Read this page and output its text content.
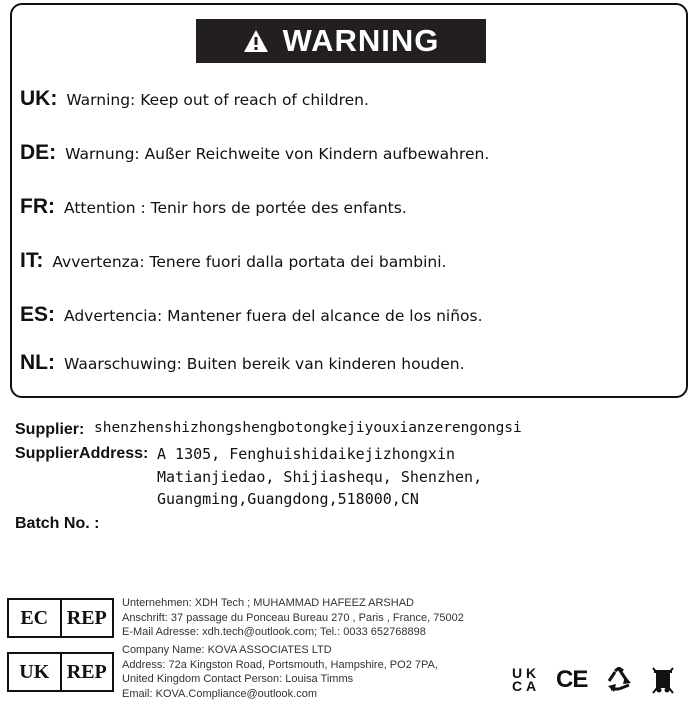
WARNING
UK: Warning: Keep out of reach of children.
DE: Warnung: Außer Reichweite von Kindern aufbewahren.
FR: Attention : Tenir hors de portée des enfants.
IT: Avvertenza: Tenere fuori dalla portata dei bambini.
ES: Advertencia: Mantener fuera del alcance de los niños.
NL: Waarschuwing: Buiten bereik van kinderen houden.
Supplier: shenzhenshizhongshengbotongkejiyouxianzerengongsi
SupplierAddress: A 1305, Fenghuishidaikejizhongxin
Matianjiedao, Shijiashequ, Shenzhen,
Guangming,Guangdong,518000,CN
Batch No. :
EC REP
Unternehmen: XDH Tech ; MUHAMMAD HAFEEZ ARSHAD
Anschrift: 37 passage du Ponceau Bureau 270 , Paris , France, 75002
E-Mail Adresse: xdh.tech@outlook.com; Tel.: 0033 652768898
UK REP
Company Name: KOVA ASSOCIATES LTD
Address: 72a Kingston Road, Portsmouth, Hampshire, PO2 7PA,
United Kingdom Contact Person: Louisa Timms
Email: KOVA.Compliance@outlook.com
U K
C A CE
